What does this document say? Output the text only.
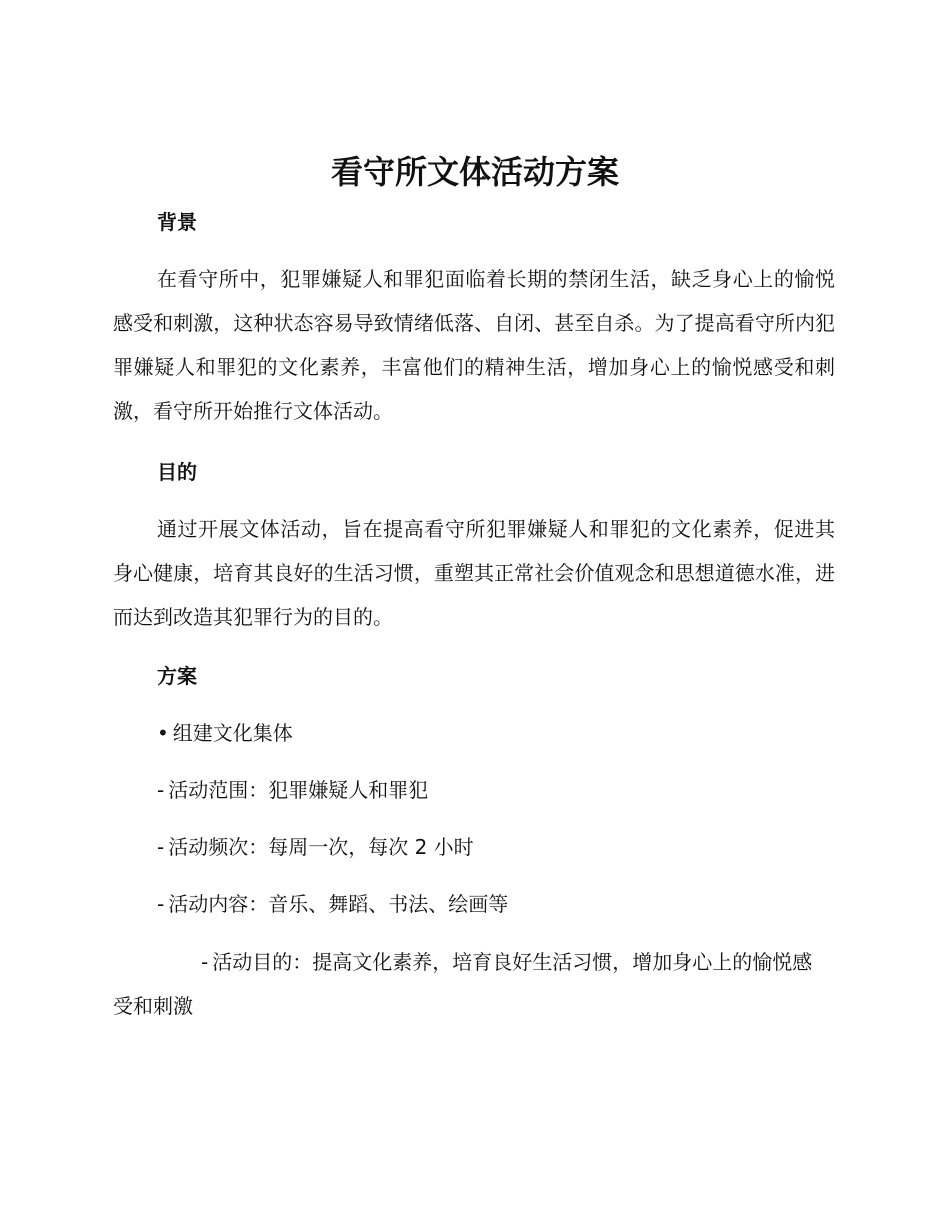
看守所文体活动方案
背景

在看守所中，犯罪嫌疑人和罪犯面临着长期的禁闭生活，缺乏身心上的愉悦感受和刺激，这种状态容易导致情绪低落、自闭、甚至自杀。为了提高看守所内犯罪嫌疑人和罪犯的文化素养，丰富他们的精神生活，增加身心上的愉悦感受和刺激，看守所开始推行文体活动。

目的

通过开展文体活动，旨在提高看守所犯罪嫌疑人和罪犯的文化素养，促进其身心健康，培育其良好的生活习惯，重塑其正常社会价值观念和思想道德水准，进而达到改造其犯罪行为的目的。

方案

• 组建文化集体

- 活动范围：犯罪嫌疑人和罪犯

- 活动频次：每周一次，每次 2 小时

- 活动内容：音乐、舞蹈、书法、绘画等

- 活动目的：提高文化素养，培育良好生活习惯，增加身心上的愉悦感受和刺激
